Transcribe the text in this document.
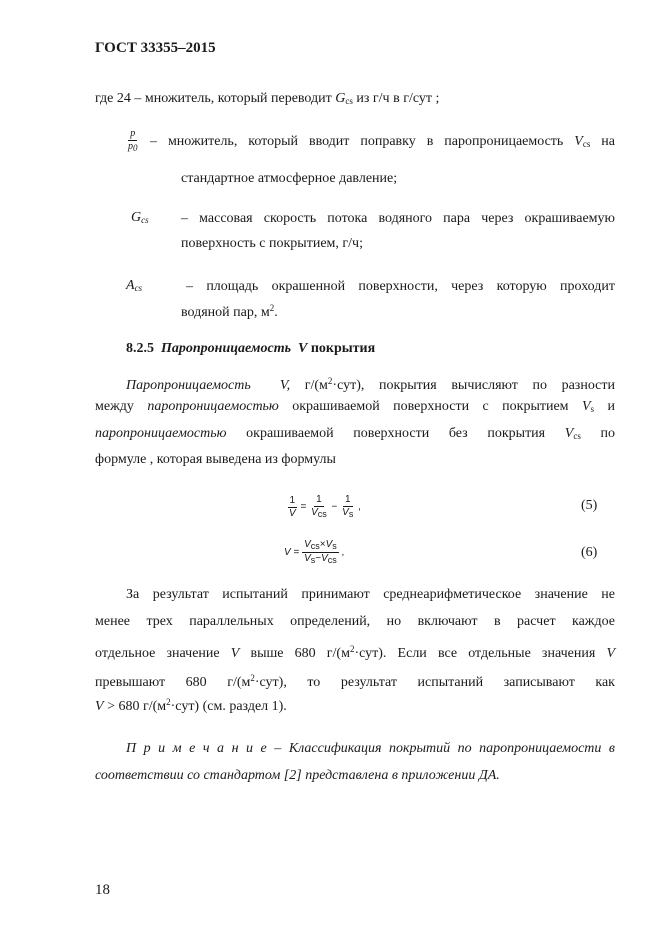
ГОСТ 33355–2015
где 24 – множитель, который переводит $G_{cs}$ из г/ч в г/сут ;
$\frac{p}{p_0}$ – множитель, который вводит поправку в паропроницаемость $V_{cs}$ на
стандартное атмосферное давление;
$G_{cs}$ – массовая скорость потока водяного пара через окрашиваемую
поверхность с покрытием, г/ч;
$A_{cs}$	– площадь окрашенной поверхности, через которую проходит
водяной пар, $м^2$.
8.2.5 Паропроницаемость V покрытия
Паропроницаемость V, $г/(м^2\cdot сут)$, покрытия вычисляют по разности
между паропроницаемостью окрашиваемой поверхности с покрытием $V_s$ и
паропроницаемостью окрашиваемой поверхности без покрытия $V_{cs}$ по
формуле , которая выведена из формулы
$\frac{1}{V} = \frac{1}{V_{cs}} - \frac{1}{V_s}$ ,	(5)
$V = \frac{V_{cs}\times V_s}{V_s-V_{cs}}$ ,	(6)
За результат испытаний принимают среднеарифметическое значение не
менее трех параллельных определений, но включают в расчет каждое
отдельное значение V выше 680 $г/(м^2\cdot сут)$. Если все отдельные значения V
превышают 680 $г/(м^2\cdot сут)$, то результат испытаний записывают как
V > 680 $г/(м^2\cdot сут)$ (см. раздел 1).
П р и м е ч а н и е – Классификация покрытий по паропроницаемости в
соответствии со стандартом [2] представлена в приложении ДА.
18
